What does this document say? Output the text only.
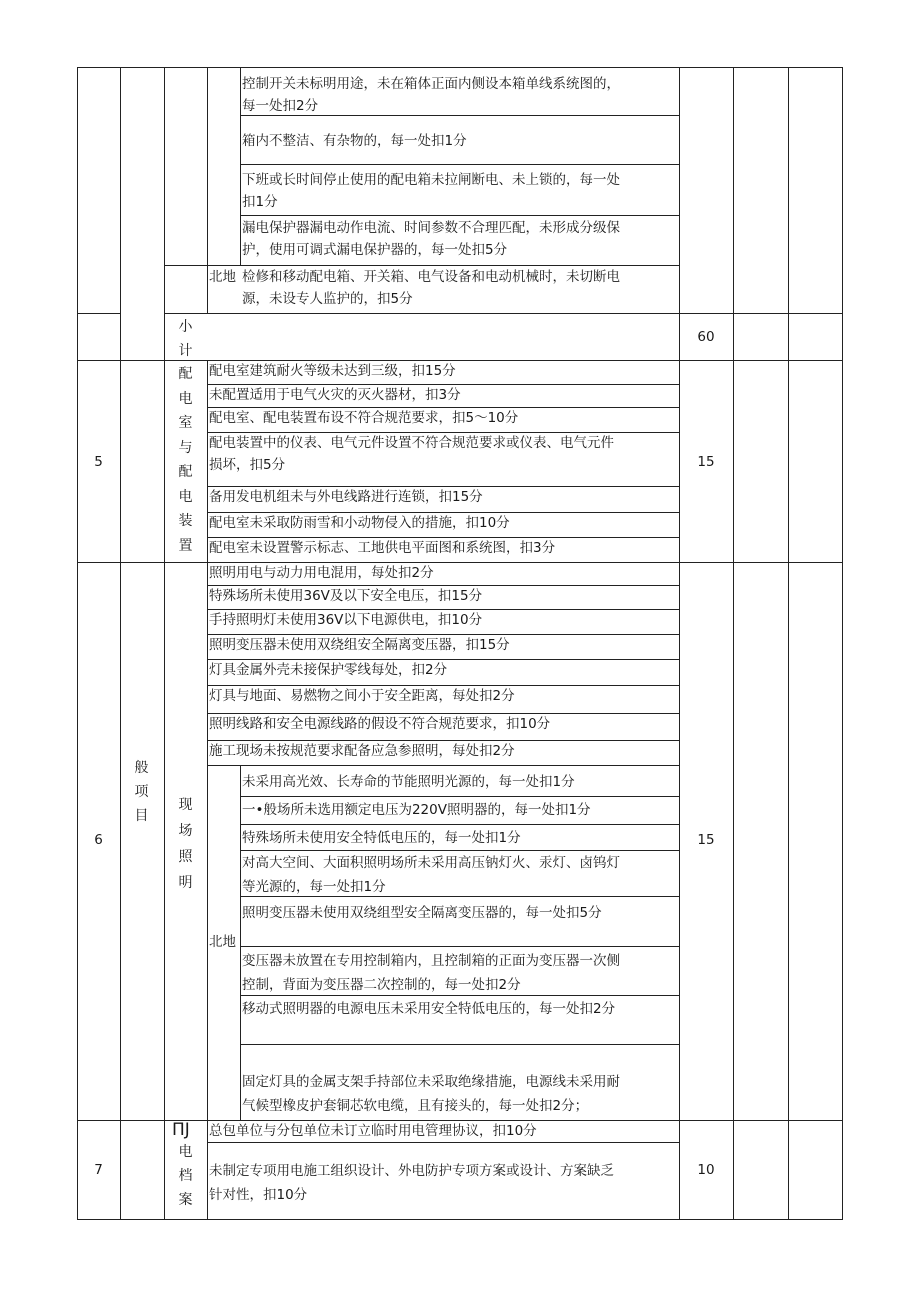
控制开关未标明用途，未在箱体正面内侧设本箱单线系统图的，
每一处扣2分
箱内不整洁、有杂物的，每一处扣1分
下班或长时间停止使用的配电箱未拉闸断电、未上锁的，每一处
扣1分
漏电保护器漏电动作电流、时间参数不合理匹配，未形成分级保
护，使用可调式漏电保护器的，每一处扣5分
检修和移动配电箱、开关箱、电气设备和电动机械时，未切断电
源，未设专人监护的，扣5分
北地
小
计
60
5
配
电
室
与
配
电
装
置
15
配电室建筑耐火等级未达到三级，扣15分
未配置适用于电气火灾的灭火器材，扣3分
配电室、配电装置布设不符合规范要求，扣5～10分
配电装置中的仪表、电气元件设置不符合规范要求或仪表、电气元件
损坏，扣5分
备用发电机组未与外电线路进行连锁，扣15分
配电室未采取防雨雪和小动物侵入的措施，扣10分
配电室未设置警示标志、工地供电平面图和系统图，扣3分
6
般
项
目
现
场
照
明
北地
15
照明用电与动力用电混用，每处扣2分
特殊场所未使用36V及以下安全电压，扣15分
手持照明灯未使用36V以下电源供电，扣10分
照明变压器未使用双绕组安全隔离变压器，扣15分
灯具金属外壳未接保护零线每处，扣2分
灯具与地面、易燃物之间小于安全距离，每处扣2分
照明线路和安全电源线路的假设不符合规范要求，扣10分
施工现场未按规范要求配备应急参照明，每处扣2分
未采用高光效、长寿命的节能照明光源的，每一处扣1分
一•般场所未选用额定电压为220V照明器的，每一处扣1分
特殊场所未使用安全特低电压的，每一处扣1分
对高大空间、大面积照明场所未采用高压钠灯火、汞灯、卤钨灯
等光源的，每一处扣1分
照明变压器未使用双绕组型安全隔离变压器的，每一处扣5分
变压器未放置在专用控制箱内，且控制箱的正面为变压器一次侧
控制，背面为变压器二次控制的，每一处扣2分
移动式照明器的电源电压未采用安全特低电压的，每一处扣2分
固定灯具的金属支架手持部位未采取绝缘措施，电源线未采用耐
气候型橡皮护套铜芯软电缆，且有接头的，每一处扣2分；
7
ΠJ
电
档
案
10
总包单位与分包单位未订立临时用电管理协议，扣10分
未制定专项用电施工组织设计、外电防护专项方案或设计、方案缺乏
针对性，扣10分
